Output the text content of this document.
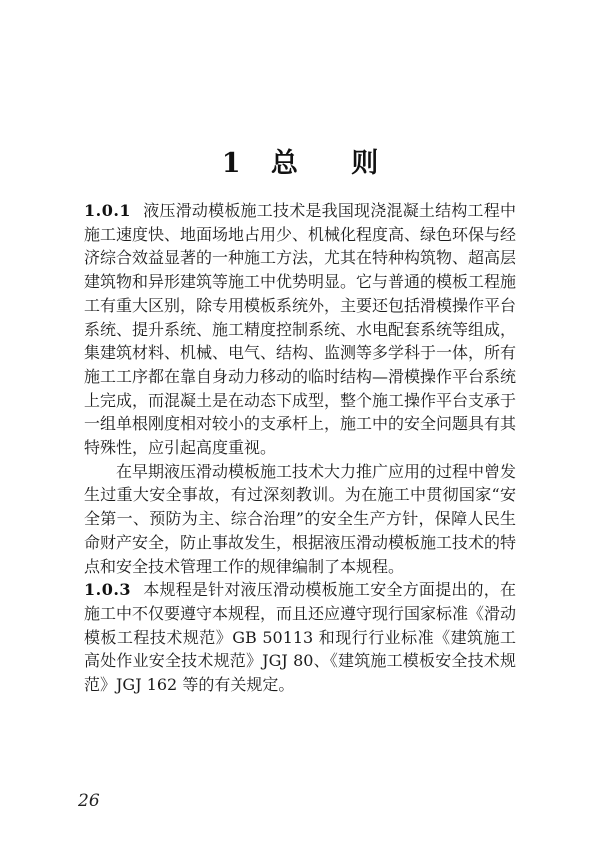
1 总 则

1.0.1 液压滑动模板施工技术是我国现浇混凝土结构工程中施工速度快、地面场地占用少、机械化程度高、绿色环保与经济综合效益显著的一种施工方法，尤其在特种构筑物、超高层建筑物和异形建筑等施工中优势明显。它与普通的模板工程施工有重大区别，除专用模板系统外，主要还包括滑模操作平台系统、提升系统、施工精度控制系统、水电配套系统等组成，集建筑材料、机械、电气、结构、监测等多学科于一体，所有施工工序都在靠自身动力移动的临时结构—滑模操作平台系统上完成，而混凝土是在动态下成型，整个施工操作平台支承于一组单根刚度相对较小的支承杆上，施工中的安全问题具有其特殊性，应引起高度重视。

在早期液压滑动模板施工技术大力推广应用的过程中曾发生过重大安全事故，有过深刻教训。为在施工中贯彻国家“安全第一、预防为主、综合治理”的安全生产方针，保障人民生命财产安全，防止事故发生，根据液压滑动模板施工技术的特点和安全技术管理工作的规律编制了本规程。

1.0.3 本规程是针对液压滑动模板施工安全方面提出的，在施工中不仅要遵守本规程，而且还应遵守现行国家标准《滑动模板工程技术规范》GB 50113 和现行行业标准《建筑施工高处作业安全技术规范》JGJ 80、《建筑施工模板安全技术规范》JGJ 162 等的有关规定。

26
